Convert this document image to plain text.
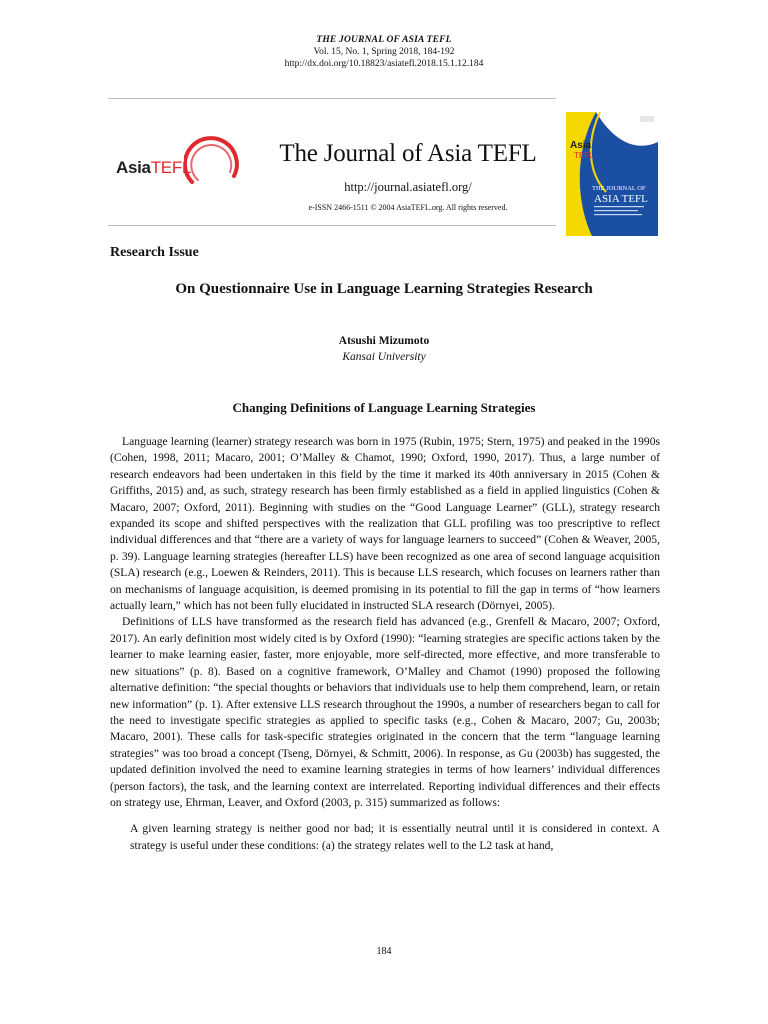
THE JOURNAL OF ASIA TEFL
Vol. 15, No. 1, Spring 2018, 184-192
http://dx.doi.org/10.18823/asiatefl.2018.15.1.12.184
AsiaTEFL
The Journal of Asia TEFL
http://journal.asiatefl.org/
e-ISSN 2466-1511 © 2004 AsiaTEFL.org. All rights reserved.
Asia
TEFL
THE JOURNAL OF
ASIA TEFL
Research Issue
On Questionnaire Use in Language Learning Strategies Research
Atsushi Mizumoto
Kansai University
Changing Definitions of Language Learning Strategies

Language learning (learner) strategy research was born in 1975 (Rubin, 1975; Stern, 1975) and peaked in the 1990s (Cohen, 1998, 2011; Macaro, 2001; O’Malley & Chamot, 1990; Oxford, 1990, 2017). Thus, a large number of research endeavors had been undertaken in this field by the time it marked its 40th anniversary in 2015 (Cohen & Griffiths, 2015) and, as such, strategy research has been firmly established as a field in applied linguistics (Cohen & Macaro, 2007; Oxford, 2011). Beginning with studies on the “Good Language Learner” (GLL), strategy research expanded its scope and shifted perspectives with the realization that GLL profiling was too prescriptive to reflect individual differences and that “there are a variety of ways for language learners to succeed” (Cohen & Weaver, 2005, p. 39). Language learning strategies (hereafter LLS) have been recognized as one area of second language acquisition (SLA) research (e.g., Loewen & Reinders, 2011). This is because LLS research, which focuses on learners rather than on mechanisms of language acquisition, is deemed promising in its potential to fill the gap in terms of “how learners actually learn,” which has not been fully elucidated in instructed SLA research (Dörnyei, 2005).

Definitions of LLS have transformed as the research field has advanced (e.g., Grenfell & Macaro, 2007; Oxford, 2017). An early definition most widely cited is by Oxford (1990): “learning strategies are specific actions taken by the learner to make learning easier, faster, more enjoyable, more self-directed, more effective, and more transferable to new situations” (p. 8). Based on a cognitive framework, O’Malley and Chamot (1990) proposed the following alternative definition: “the special thoughts or behaviors that individuals use to help them comprehend, learn, or retain new information” (p. 1). After extensive LLS research throughout the 1990s, a number of researchers began to call for the need to investigate specific strategies as applied to specific tasks (e.g., Cohen & Macaro, 2007; Gu, 2003b; Macaro, 2001). These calls for task-specific strategies originated in the concern that the term “language learning strategies” was too broad a concept (Tseng, Dörnyei, & Schmitt, 2006). In response, as Gu (2003b) has suggested, the updated definition involved the need to examine learning strategies in terms of how learners’ individual differences (person factors), the task, and the learning context are interrelated. Reporting individual differences and their effects on strategy use, Ehrman, Leaver, and Oxford (2003, p. 315) summarized as follows:

A given learning strategy is neither good nor bad; it is essentially neutral until it is considered in context. A strategy is useful under these conditions: (a) the strategy relates well to the L2 task at hand,

184
